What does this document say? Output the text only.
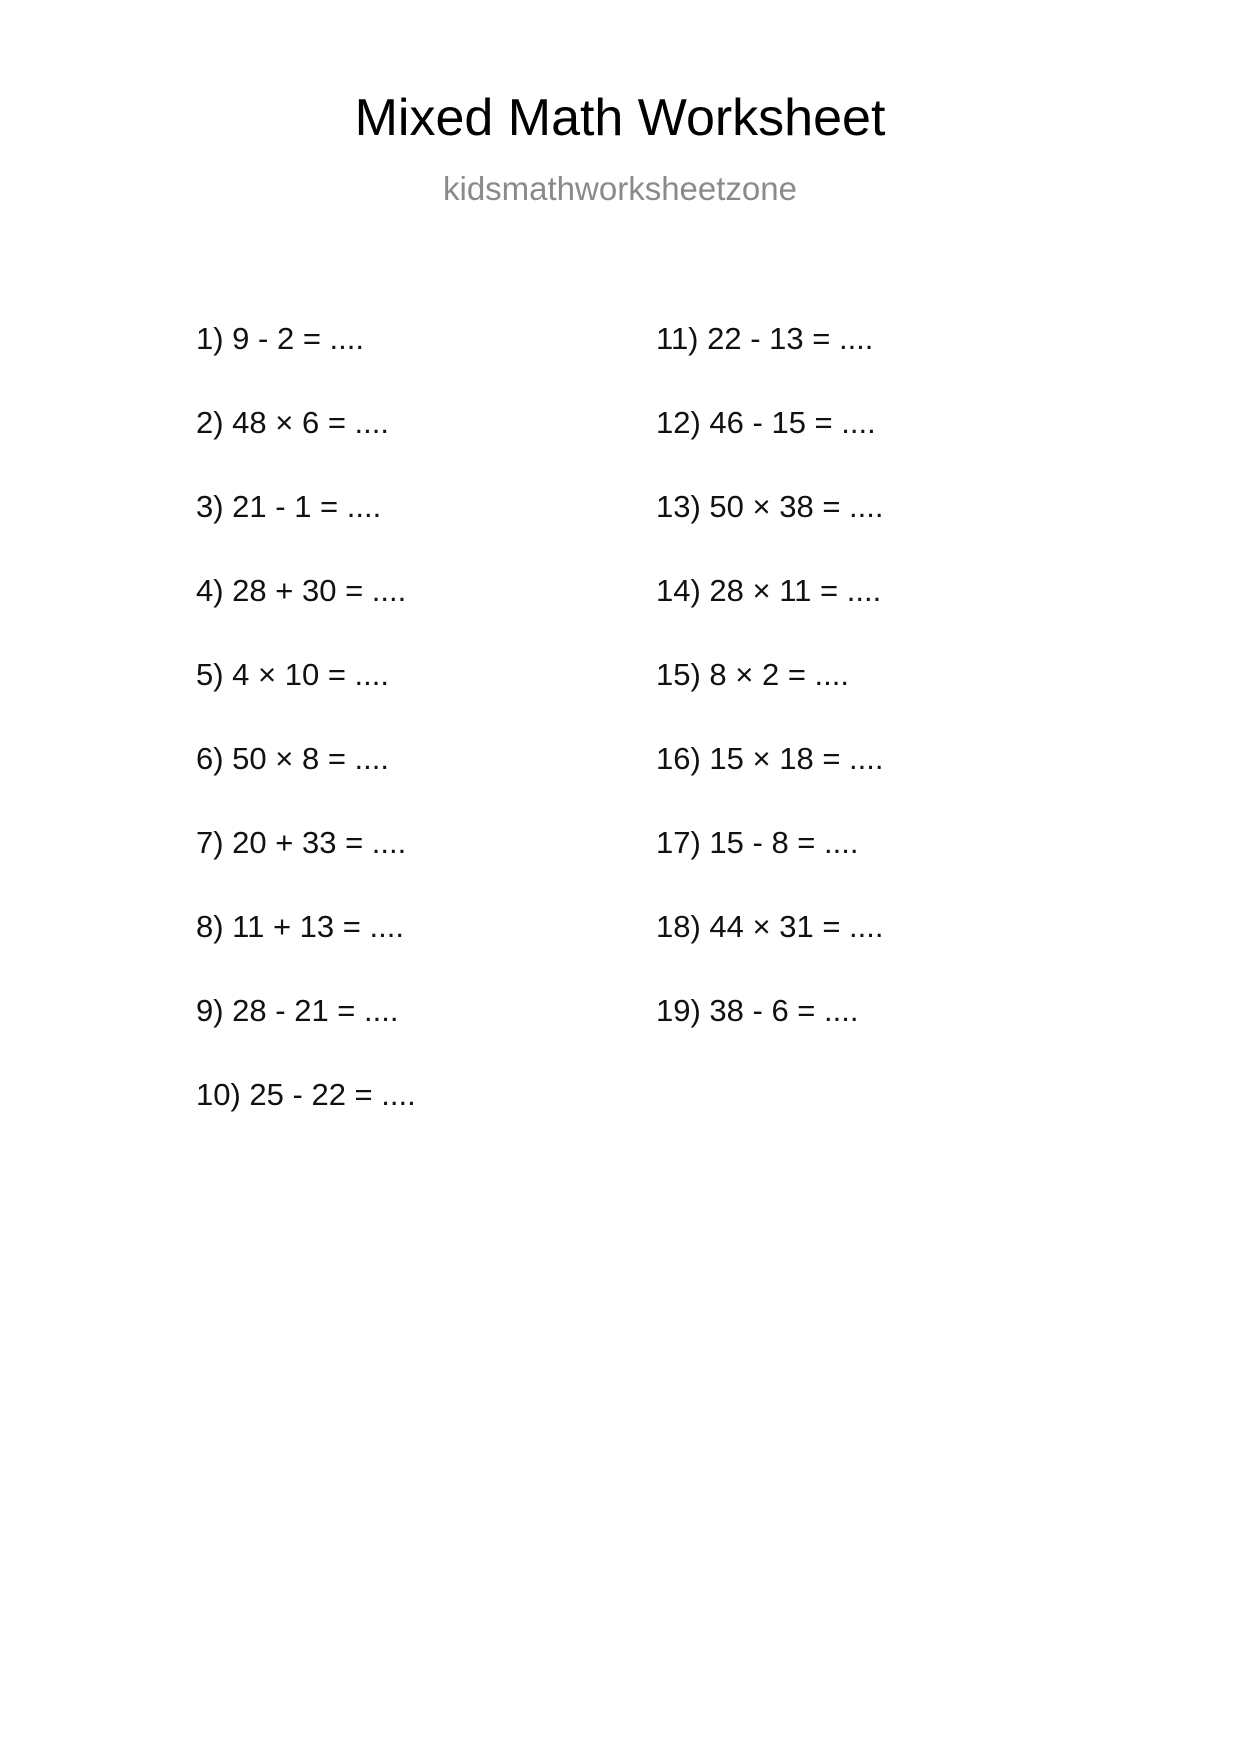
Mixed Math Worksheet
kidsmathworksheetzone
1) 9 - 2 = ....
2) 48 × 6 = ....
3) 21 - 1 = ....
4) 28 + 30 = ....
5) 4 × 10 = ....
6) 50 × 8 = ....
7) 20 + 33 = ....
8) 11 + 13 = ....
9) 28 - 21 = ....
10) 25 - 22 = ....
11) 22 - 13 = ....
12) 46 - 15 = ....
13) 50 × 38 = ....
14) 28 × 11 = ....
15) 8 × 2 = ....
16) 15 × 18 = ....
17) 15 - 8 = ....
18) 44 × 31 = ....
19) 38 - 6 = ....
